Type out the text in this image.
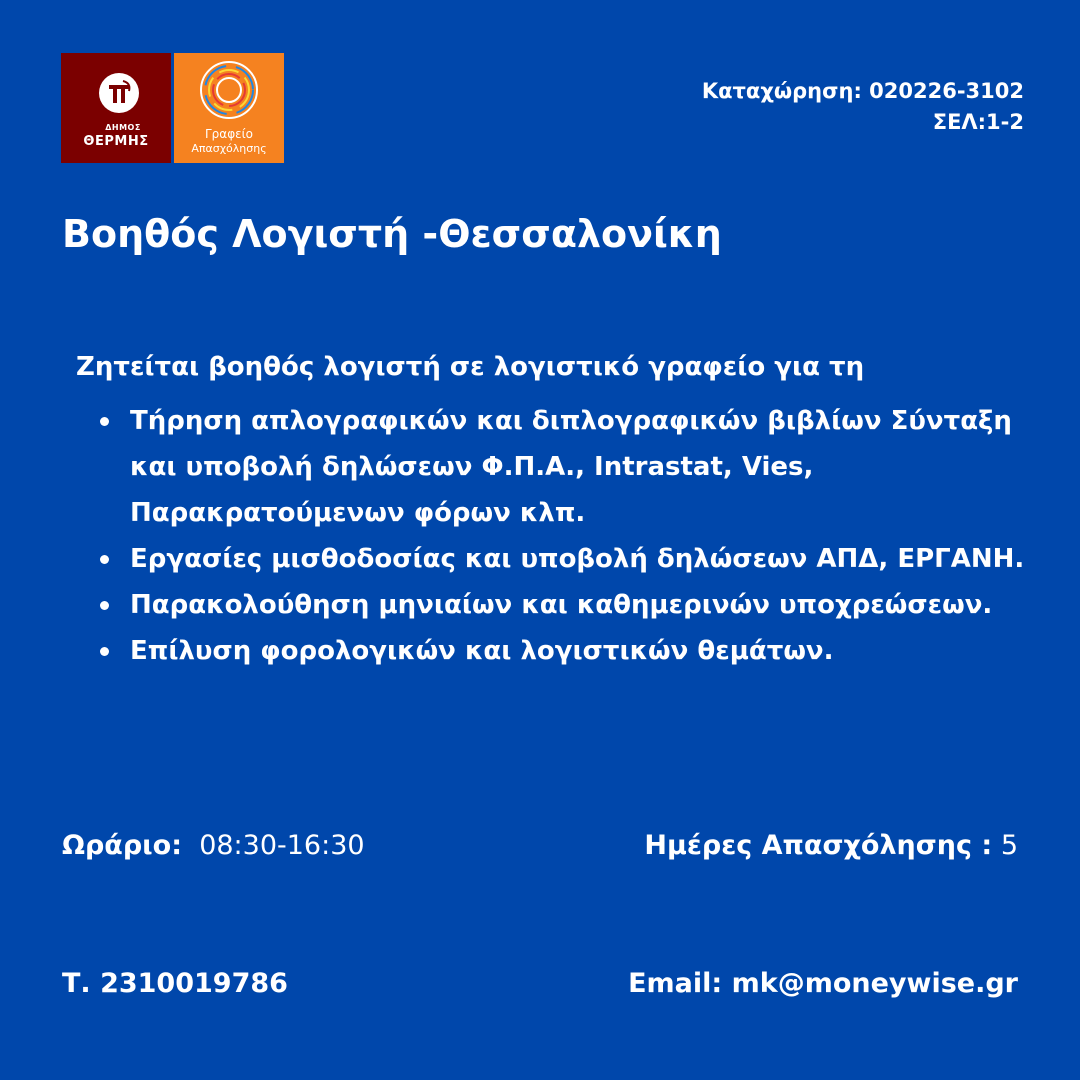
ΔΗΜΟΣ
ΘΕΡΜΗΣ	Γραφείο
Απασχόλησης
Καταχώρηση: 020226-3102
ΣΕΛ:1-2
Βοηθός Λογιστή -Θεσσαλονίκη
Ζητείται βοηθός λογιστή σε λογιστικό γραφείο για τη
Τήρηση απλογραφικών και διπλογραφικών βιβλίων Σύνταξη και υποβολή δηλώσεων Φ.Π.Α., Intrastat, Vies, Παρακρατούμενων φόρων κλπ.
Εργασίες μισθοδοσίας και υποβολή δηλώσεων ΑΠΔ, ΕΡΓΑΝΗ.
Παρακολούθηση μηνιαίων και καθημερινών υποχρεώσεων.
Επίλυση φορολογικών και λογιστικών θεμάτων.
Ωράριο: 08:30-16:30	Ημέρες Απασχόλησης : 5
Τ. 2310019786	Email: mk@moneywise.gr
